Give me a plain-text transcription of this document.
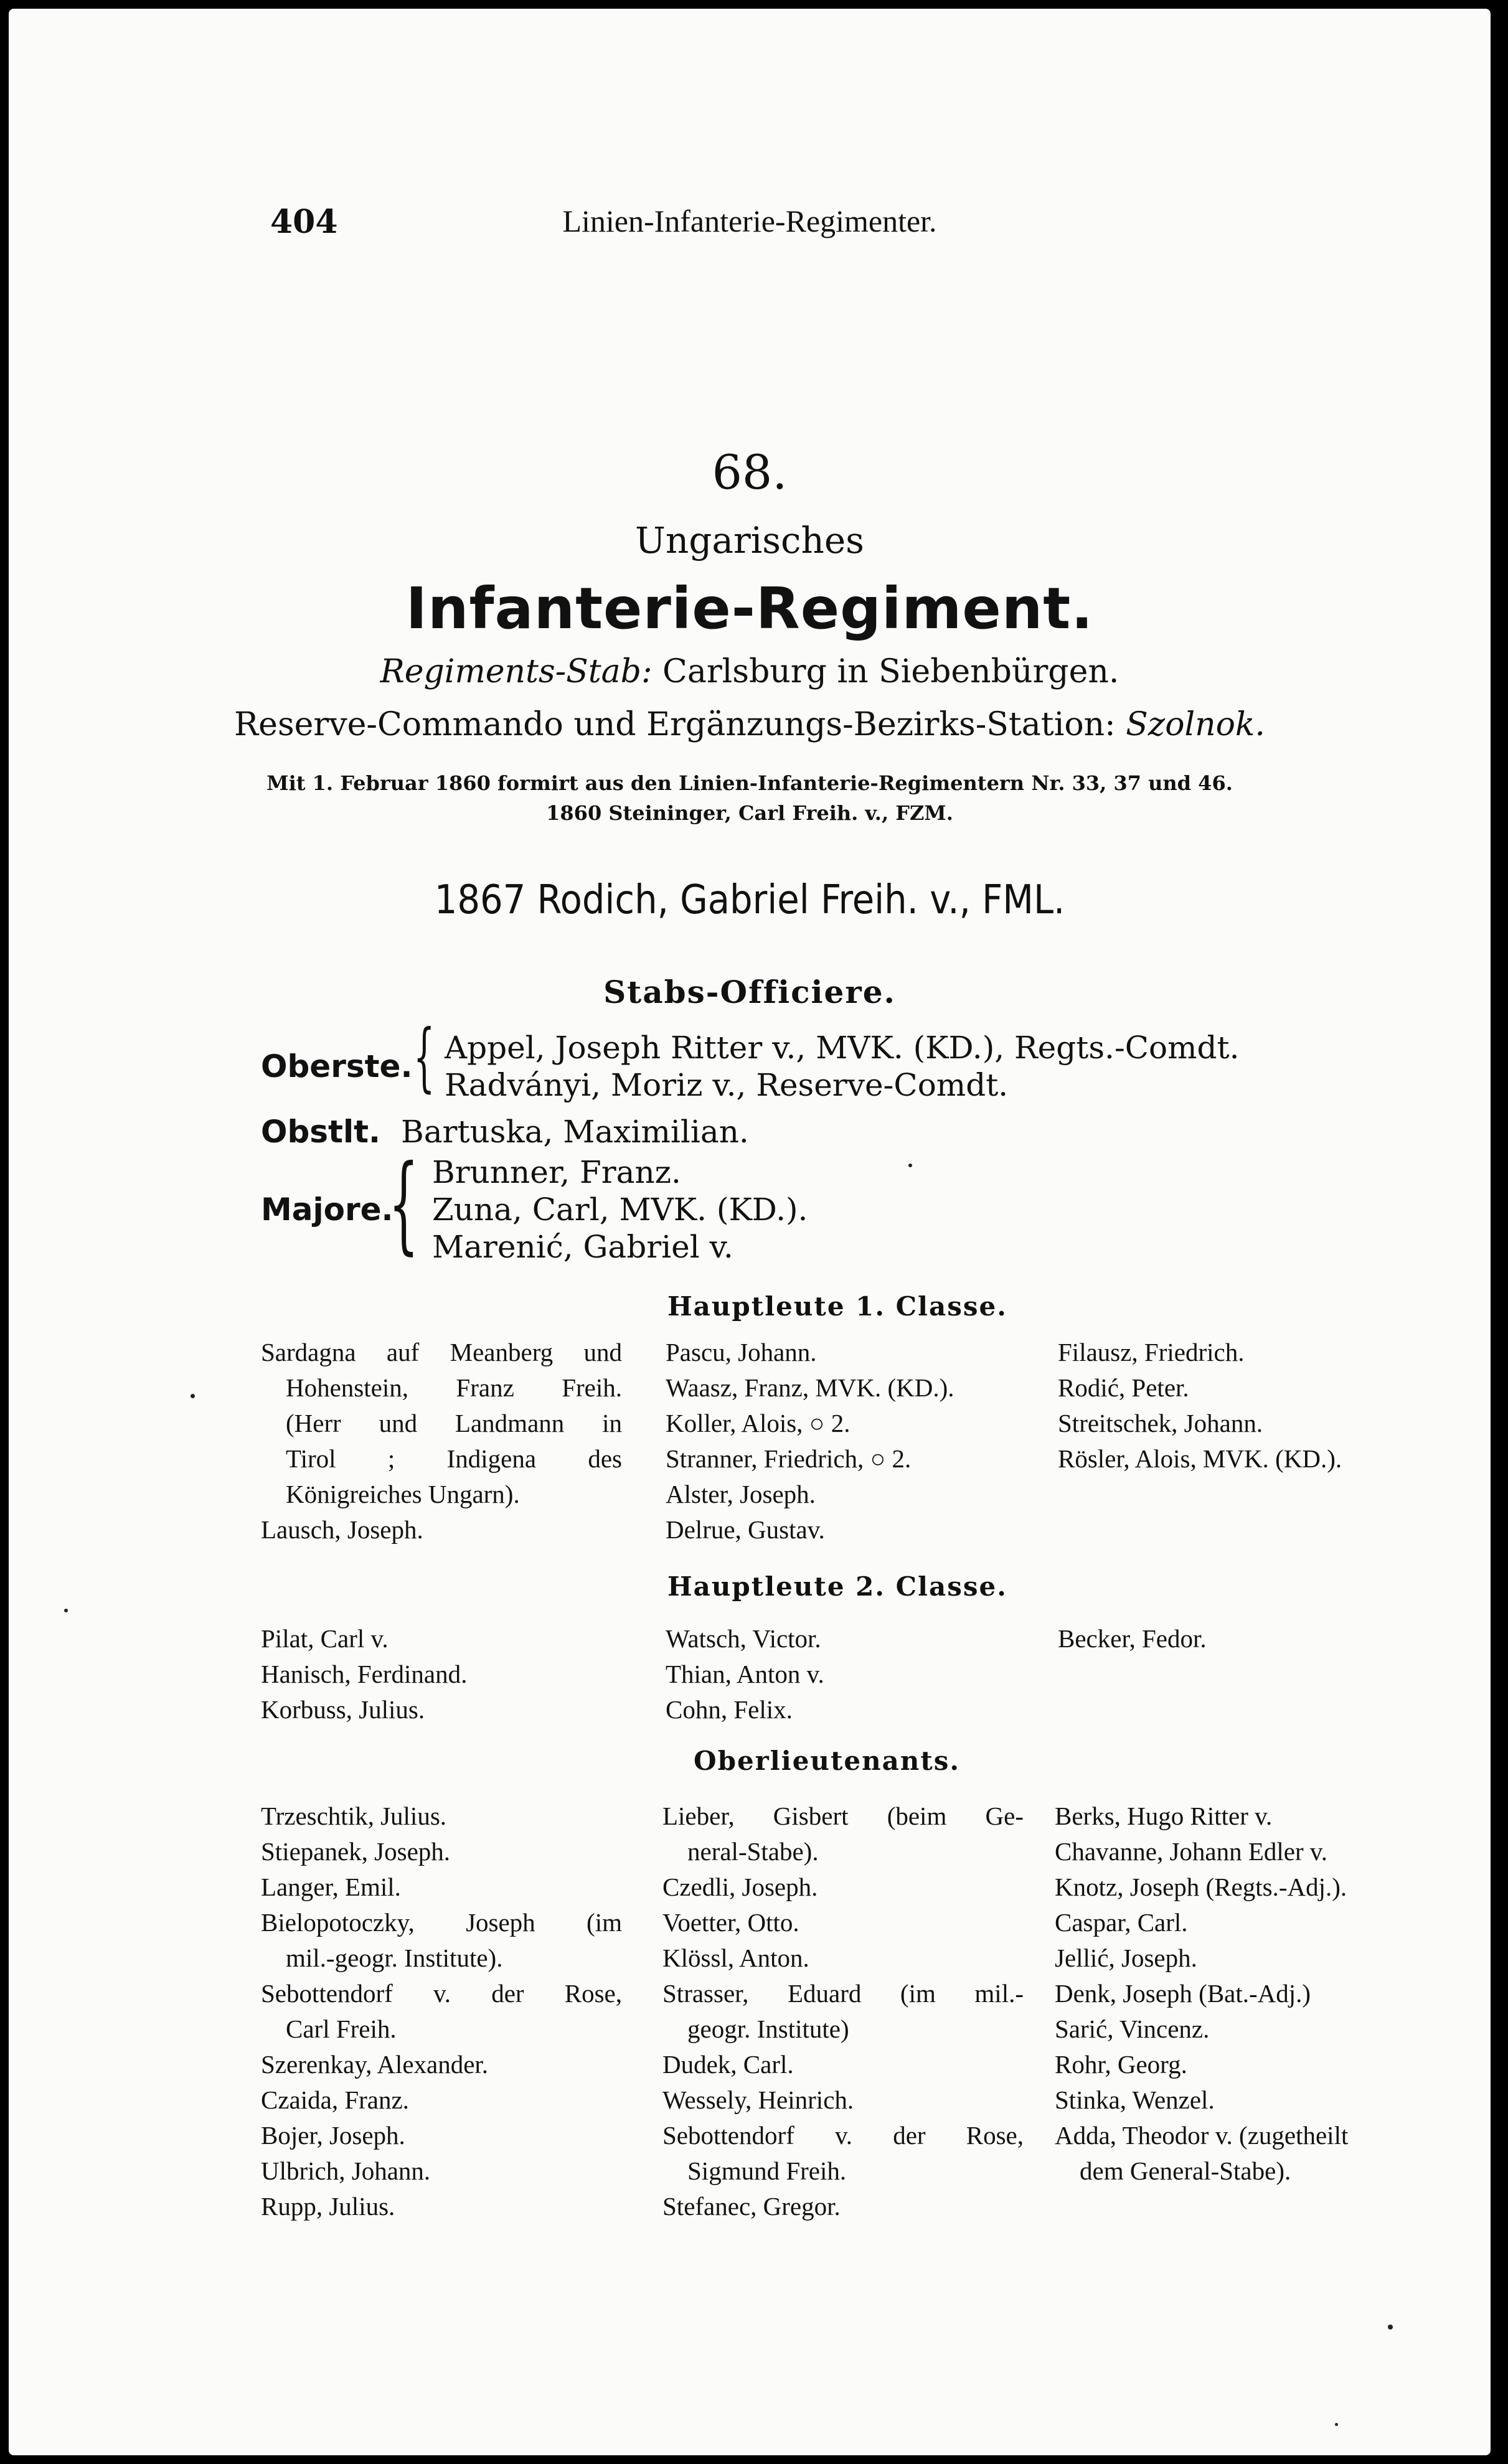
404	Linien-Infanterie-Regimenter.
68.
Ungarisches
Infanterie-Regiment.
Regiments-Stab: Carlsburg in Siebenbürgen.
Reserve-Commando und Ergänzungs-Bezirks-Station: Szolnok.
Mit 1. Februar 1860 formirt aus den Linien-Infanterie-Regimentern Nr. 33, 37 und 46.
1860 Steininger, Carl Freih. v., FZM.
1867 Rodich, Gabriel Freih. v., FML.
Stabs-Officiere.
Oberste. { Appel, Joseph Ritter v., MVK. (KD.), Regts.-Comdt.
Radványi, Moriz v., Reserve-Comdt.
Obstlt. Bartuska, Maximilian.
Majore.
{ Brunner, Franz.
Zuna, Carl, MVK. (KD.).
Marenić, Gabriel v.
Hauptleute 1. Classe.
Sardagna auf Meanberg und
Hohenstein, Franz Freih.
(Herr und Landmann in
Tirol ; Indigena des
Königreiches Ungarn).
Lausch, Joseph.
Pascu, Johann.
Waasz, Franz, MVK. (KD.).
Koller, Alois, ○ 2.
Stranner, Friedrich, ○ 2.
Alster, Joseph.
Delrue, Gustav.
Filausz, Friedrich.
Rodić, Peter.
Streitschek, Johann.
Rösler, Alois, MVK. (KD.).
Hauptleute 2. Classe.
Pilat, Carl v.
Hanisch, Ferdinand.
Korbuss, Julius.
Watsch, Victor.
Thian, Anton v.
Cohn, Felix.
Becker, Fedor.
Oberlieutenants.
Trzeschtik, Julius.
Stiepanek, Joseph.
Langer, Emil.
Bielopotoczky, Joseph (im
mil.-geogr. Institute).
Sebottendorf v. der Rose,
Carl Freih.
Szerenkay, Alexander.
Czaida, Franz.
Bojer, Joseph.
Ulbrich, Johann.
Rupp, Julius.
Lieber, Gisbert (beim Ge-
neral-Stabe).
Czedli, Joseph.
Voetter, Otto.
Klössl, Anton.
Strasser, Eduard (im mil.-
geogr. Institute)
Dudek, Carl.
Wessely, Heinrich.
Sebottendorf v. der Rose,
Sigmund Freih.
Stefanec, Gregor.
Berks, Hugo Ritter v.
Chavanne, Johann Edler v.
Knotz, Joseph (Regts.-Adj.).
Caspar, Carl.
Jellić, Joseph.
Denk, Joseph (Bat.-Adj.)
Sarić, Vincenz.
Rohr, Georg.
Stinka, Wenzel.
Adda, Theodor v. (zugetheilt
dem General-Stabe).
